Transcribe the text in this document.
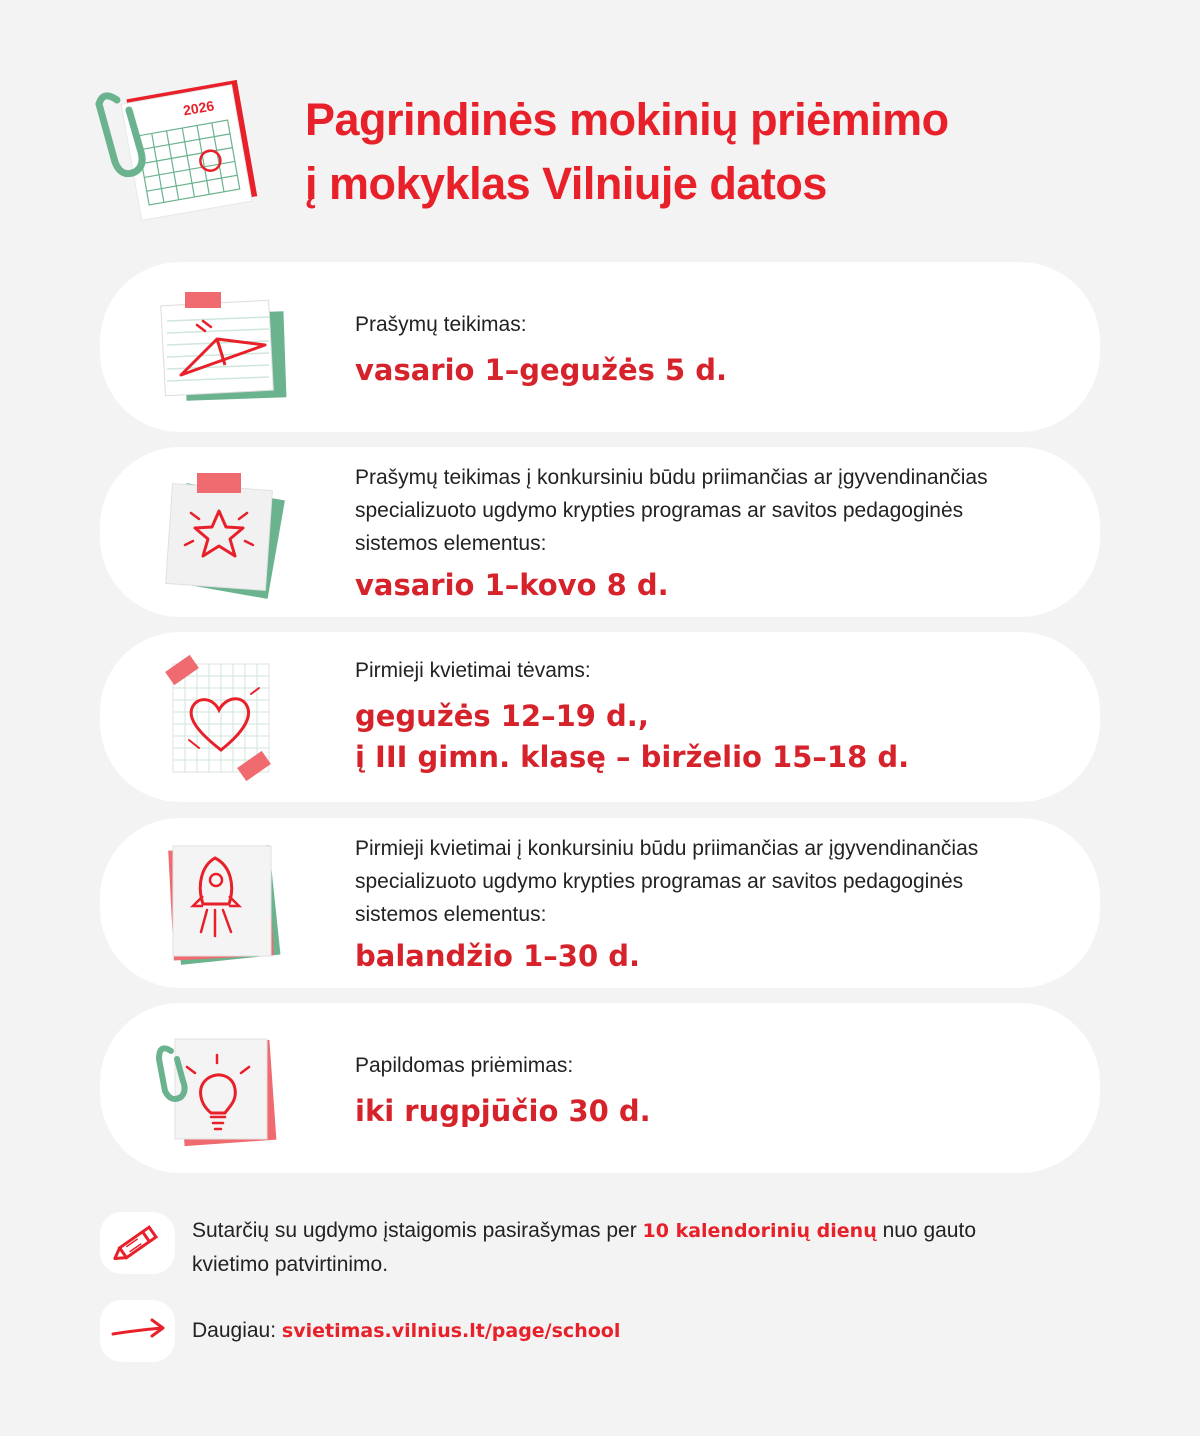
2026 Pagrindinės mokinių priėmimo
į mokyklas Vilniuje datos
Prašymų teikimas:
vasario 1–gegužės 5 d.
Prašymų teikimas į konkursiniu būdu priimančias ar įgyvendinančias specializuoto ugdymo krypties programas ar savitos pedagoginės sistemos elementus:
vasario 1–kovo 8 d.
Pirmieji kvietimai tėvams:
gegužės 12–19 d.,
į III gimn. klasę – birželio 15–18 d.
Pirmieji kvietimai į konkursiniu būdu priimančias ar įgyvendinančias specializuoto ugdymo krypties programas ar savitos pedagoginės sistemos elementus:
balandžio 1–30 d.
Papildomas priėmimas:
iki rugpjūčio 30 d.
Sutarčių su ugdymo įstaigomis pasirašymas per 10 kalendorinių dienų nuo gauto kvietimo patvirtinimo.
Daugiau: svietimas.vilnius.lt/page/school
